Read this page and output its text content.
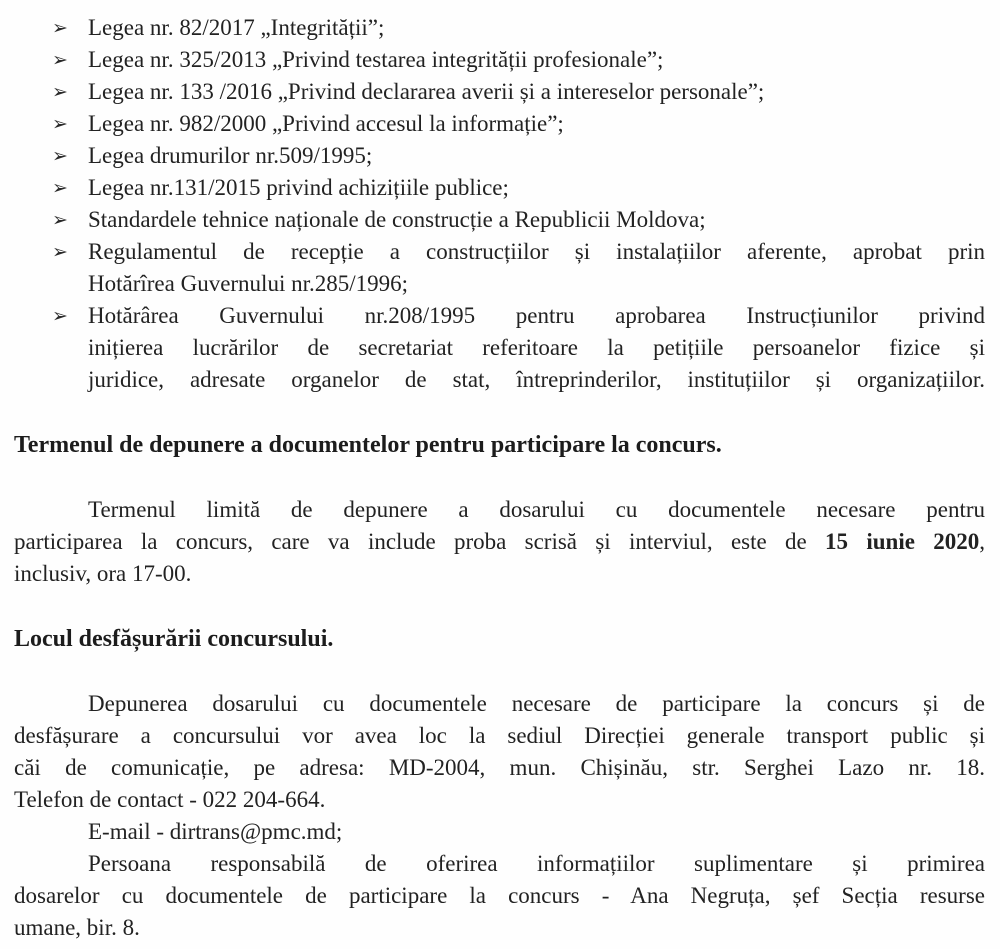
➢ Legea nr. 82/2017 „Integrității”;
➢ Legea nr. 325/2013 „Privind testarea integrității profesionale”;
➢ Legea nr. 133 /2016 „Privind declararea averii și a intereselor personale”;
➢ Legea nr. 982/2000 „Privind accesul la informație”;
➢ Legea drumurilor nr.509/1995;
➢ Legea nr.131/2015 privind achizițiile publice;
➢ Standardele tehnice naționale de construcție a Republicii Moldova;
➢ Regulamentul de recepție a construcțiilor și instalațiilor aferente, aprobat prin
Hotărîrea Guvernului nr.285/1996;
➢ Hotărârea Guvernului nr.208/1995 pentru aprobarea Instrucțiunilor privind
inițierea lucrărilor de secretariat referitoare la petițiile persoanelor fizice și
juridice, adresate organelor de stat, întreprinderilor, instituțiilor și organizațiilor.
Termenul de depunere a documentelor pentru participare la concurs.
Termenul limită de depunere a dosarului cu documentele necesare pentru
participarea la concurs, care va include proba scrisă și interviul, este de 15 iunie 2020,
inclusiv, ora 17-00.
Locul desfășurării concursului.
Depunerea dosarului cu documentele necesare de participare la concurs și de
desfășurare a concursului vor avea loc la sediul Direcției generale transport public și
căi de comunicație, pe adresa: MD-2004, mun. Chișinău, str. Serghei Lazo nr. 18.
Telefon de contact - 022 204-664.
E-mail - dirtrans@pmc.md;
Persoana responsabilă de oferirea informațiilor suplimentare și primirea
dosarelor cu documentele de participare la concurs - Ana Negruța, șef Secția resurse
umane, bir. 8.
